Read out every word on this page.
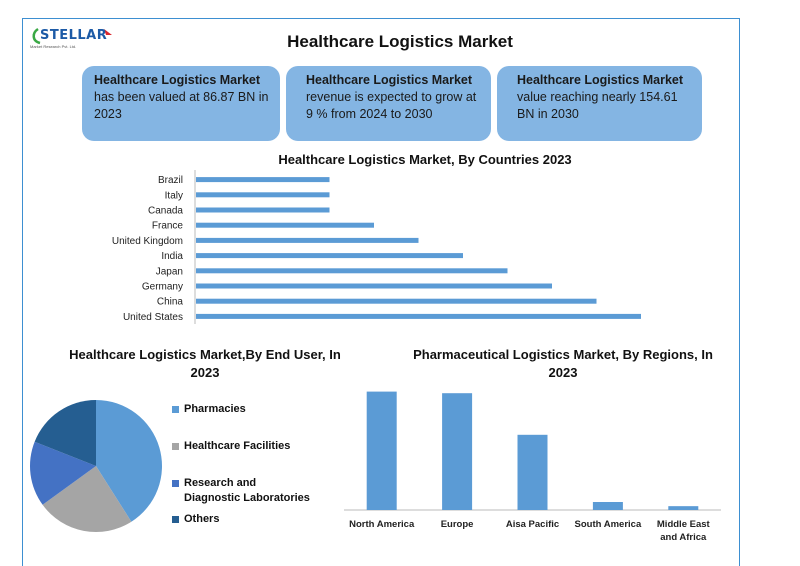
STELLAR
Market Research Pvt. Ltd.	Healthcare Logistics Market
Healthcare Logistics Market has been valued at 86.87 BN in 2023
Healthcare Logistics Market revenue is expected to grow at 9 % from 2024 to 2030
Healthcare Logistics Market value reaching nearly 154.61 BN in 2030
Healthcare Logistics Market, By Countries 2023
United States
China
Germany
Japan
India
United Kingdom
France
Canada
Italy
Brazil
Healthcare Logistics Market,By End User, In 2023
Pharmacies
Healthcare Facilities
Research and
Diagnostic Laboratories
Others
Pharmaceutical Logistics Market, By Regions, In 2023
North America	Europe	Aisa Pacific South America Middle East and Africa
